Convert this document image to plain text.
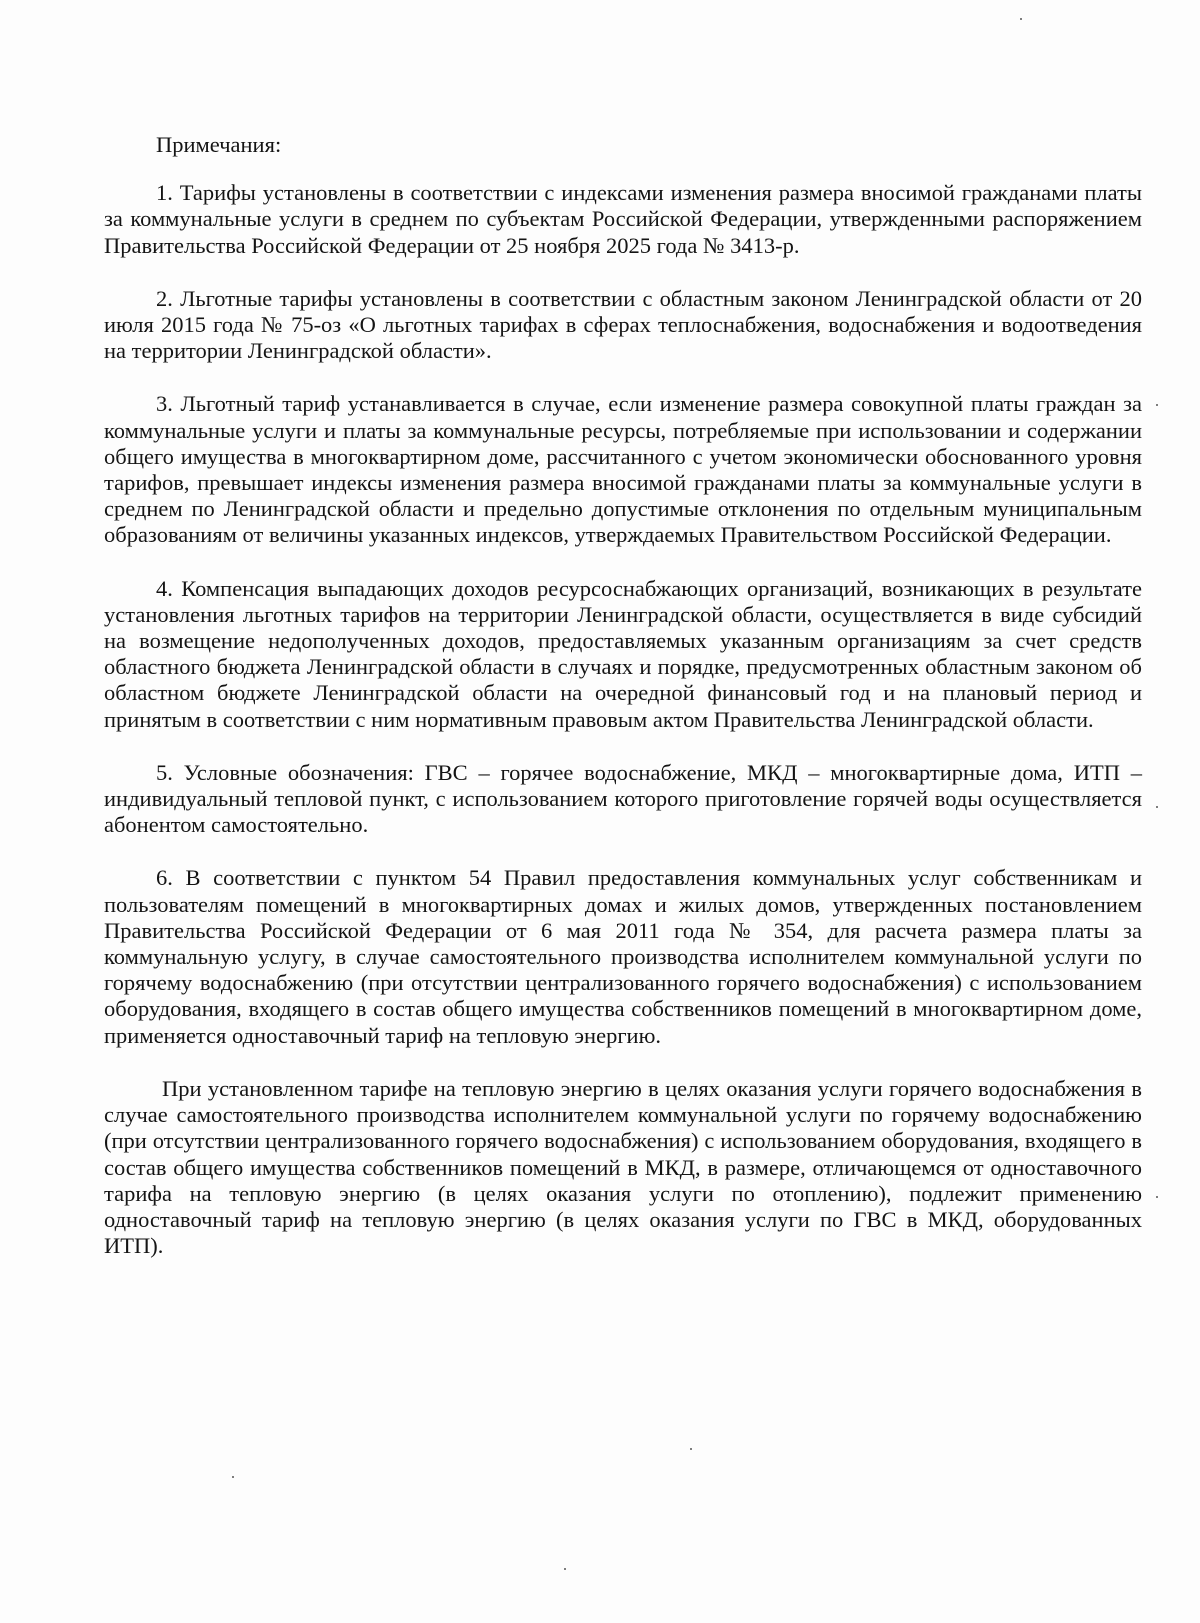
Примечания:

1. Тарифы установлены в соответствии с индексами изменения размера вносимой гражданами платы за коммунальные услуги в среднем по субъектам Российской Федерации, утвержденными распоряжением Правительства Российской Федерации от 25 ноября 2025 года № 3413-р.

2. Льготные тарифы установлены в соответствии с областным законом Ленинградской области от 20 июля 2015 года № 75-оз «О льготных тарифах в сферах теплоснабжения, водоснабжения и водоотведения на территории Ленинградской области».

3. Льготный тариф устанавливается в случае, если изменение размера совокупной платы граждан за коммунальные услуги и платы за коммунальные ресурсы, потребляемые при использовании и содержании общего имущества в многоквартирном доме, рассчитанного с учетом экономически обоснованного уровня тарифов, превышает индексы изменения размера вносимой гражданами платы за коммунальные услуги в среднем по Ленинградской области и предельно допустимые отклонения по отдельным муниципальным образованиям от величины указанных индексов, утверждаемых Правительством Российской Федерации.

4. Компенсация выпадающих доходов ресурсоснабжающих организаций, возникающих в результате установления льготных тарифов на территории Ленинградской области, осуществляется в виде субсидий на возмещение недополученных доходов, предоставляемых указанным организациям за счет средств областного бюджета Ленинградской области в случаях и порядке, предусмотренных областным законом об областном бюджете Ленинградской области на очередной финансовый год и на плановый период и принятым в соответствии с ним нормативным правовым актом Правительства Ленинградской области.

5. Условные обозначения: ГВС – горячее водоснабжение, МКД – многоквартирные дома, ИТП – индивидуальный тепловой пункт, с использованием которого приготовление горячей воды осуществляется абонентом самостоятельно.

6. В соответствии с пунктом 54 Правил предоставления коммунальных услуг собственникам и пользователям помещений в многоквартирных домах и жилых домов, утвержденных постановлением Правительства Российской Федерации от 6 мая 2011 года № 354, для расчета размера платы за коммунальную услугу, в случае самостоятельного производства исполнителем коммунальной услуги по горячему водоснабжению (при отсутствии централизованного горячего водоснабжения) с использованием оборудования, входящего в состав общего имущества собственников помещений в многоквартирном доме, применяется одноставочный тариф на тепловую энергию.

При установленном тарифе на тепловую энергию в целях оказания услуги горячего водоснабжения в случае самостоятельного производства исполнителем коммунальной услуги по горячему водоснабжению (при отсутствии централизованного горячего водоснабжения) с использованием оборудования, входящего в состав общего имущества собственников помещений в МКД, в размере, отличающемся от одноставочного тарифа на тепловую энергию (в целях оказания услуги по отоплению), подлежит применению одноставочный тариф на тепловую энергию (в целях оказания услуги по ГВС в МКД, оборудованных ИТП).
